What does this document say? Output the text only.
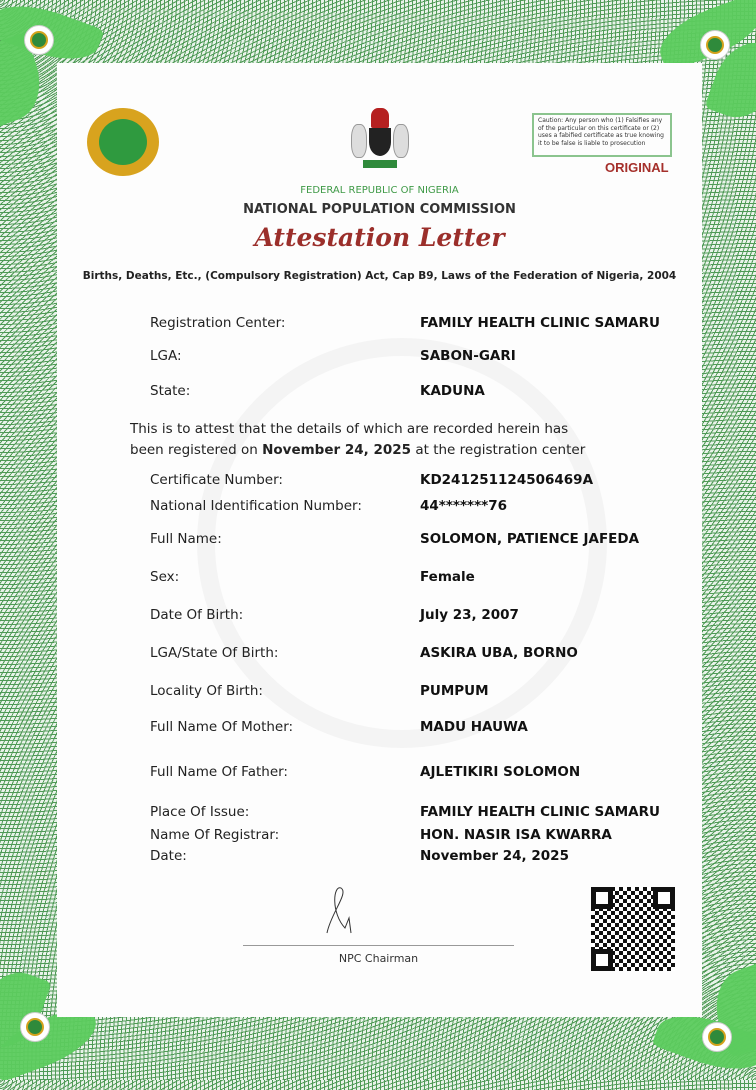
Caution: Any person who (1) Falsifies any of the particular on this certificate or (2) uses a fabified certificate as true knowing it to be false is liable to prosecution
ORIGINAL
FEDERAL REPUBLIC OF NIGERIA
NATIONAL POPULATION COMMISSION
Attestation Letter
Births, Deaths, Etc., (Compulsory Registration) Act, Cap B9, Laws of the Federation of Nigeria, 2004
Registration Center:	FAMILY HEALTH CLINIC SAMARU
LGA:	SABON-GARI
State:	KADUNA
This is to attest that the details of which are recorded herein has been registered on November 24, 2025 at the registration center
Certificate Number:	KD241251124506469A
National Identification Number:	44*******76
Full Name:	SOLOMON, PATIENCE JAFEDA
Sex:	Female
Date Of Birth:	July 23, 2007
LGA/State Of Birth:	ASKIRA UBA, BORNO
Locality Of Birth:	PUMPUM
Full Name Of Mother:	MADU HAUWA
Full Name Of Father:	AJLETIKIRI SOLOMON
Place Of Issue:	FAMILY HEALTH CLINIC SAMARU
Name Of Registrar:	HON. NASIR ISA KWARRA
Date:	November 24, 2025
NPC Chairman
